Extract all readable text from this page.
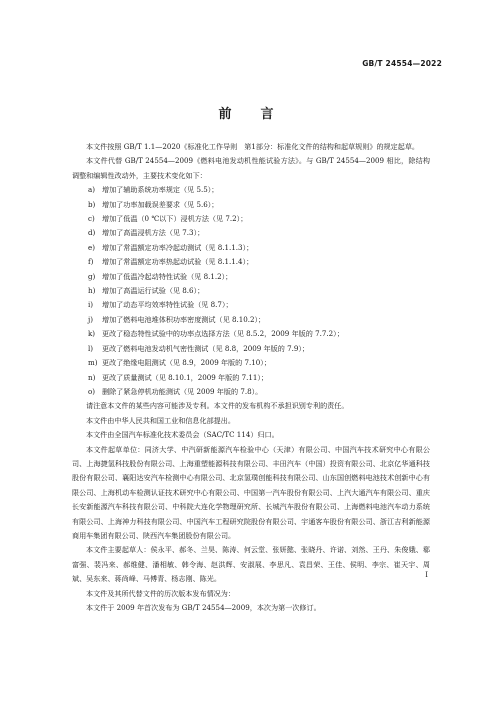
GB/T 24554—2022
前　言

本文件按照 GB/T 1.1—2020《标准化工作导则　第1部分：标准化文件的结构和起草规则》的规定起草。

本文件代替 GB/T 24554—2009《燃料电池发动机性能试验方法》。与 GB/T 24554—2009 相比，除结构调整和编辑性改动外，主要技术变化如下：

a) 增加了辅助系统功率规定（见 5.5）；
b) 增加了功率加载误差要求（见 5.6）；
c) 增加了低温（0 ℃以下）浸机方法（见 7.2）；
d) 增加了高温浸机方法（见 7.3）；
e) 增加了常温额定功率冷起动测试（见 8.1.1.3）；
f) 增加了常温额定功率热起动试验（见 8.1.1.4）；
g) 增加了低温冷起动特性试验（见 8.1.2）；
h) 增加了高温运行试验（见 8.6）；
i) 增加了动态平均效率特性试验（见 8.7）；
j) 增加了燃料电池堆体积功率密度测试（见 8.10.2）；
k) 更改了稳态特性试验中的功率点选择方法（见 8.5.2，2009 年版的 7.7.2）；
l) 更改了燃料电池发动机气密性测试（见 8.8，2009 年版的 7.9）；
m) 更改了绝缘电阻测试（见 8.9，2009 年版的 7.10）；
n) 更改了质量测试（见 8.10.1，2009 年版的 7.11）；
o) 删除了紧急停机功能测试（见 2009 年版的 7.8）。

请注意本文件的某些内容可能涉及专利。本文件的发布机构不承担识别专利的责任。

本文件由中华人民共和国工业和信息化部提出。

本文件由全国汽车标准化技术委员会（SAC/TC 114）归口。

本文件起草单位：同济大学、中汽研新能源汽车检验中心（天津）有限公司、中国汽车技术研究中心有限公司、上海捷氢科技股份有限公司、上海重塑能源科技有限公司、丰田汽车（中国）投资有限公司、北京亿华通科技股份有限公司、襄阳达安汽车检测中心有限公司、北京氢璞创能科技有限公司、山东国创燃料电池技术创新中心有限公司、上海机动车检测认证技术研究中心有限公司、中国第一汽车股份有限公司、上汽大通汽车有限公司、重庆长安新能源汽车科技有限公司、中科院大连化学物理研究所、长城汽车股份有限公司、上海燃料电池汽车动力系统有限公司、上海神力科技有限公司、中国汽车工程研究院股份有限公司、宇通客车股份有限公司、浙江吉利新能源商用车集团有限公司、陕西汽车集团股份有限公司。

本文件主要起草人：侯永平、郝冬、兰昊、陈涛、何云堂、张妍懿、张晓丹、许诺、刘然、王丹、朱俊娥、郗富强、裴冯来、郝维健、潘相敏、韩令海、赵洪辉、安淑展、李思凡、袁昌荣、王佳、侯明、李宗、崔天宇、周斌、吴东来、蒋尚峰、马傅青、杨志刚、陈光。

本文件及其所代替文件的历次版本发布情况为：

本文件于 2009 年首次发布为 GB/T 24554—2009，本次为第一次修订。

I
